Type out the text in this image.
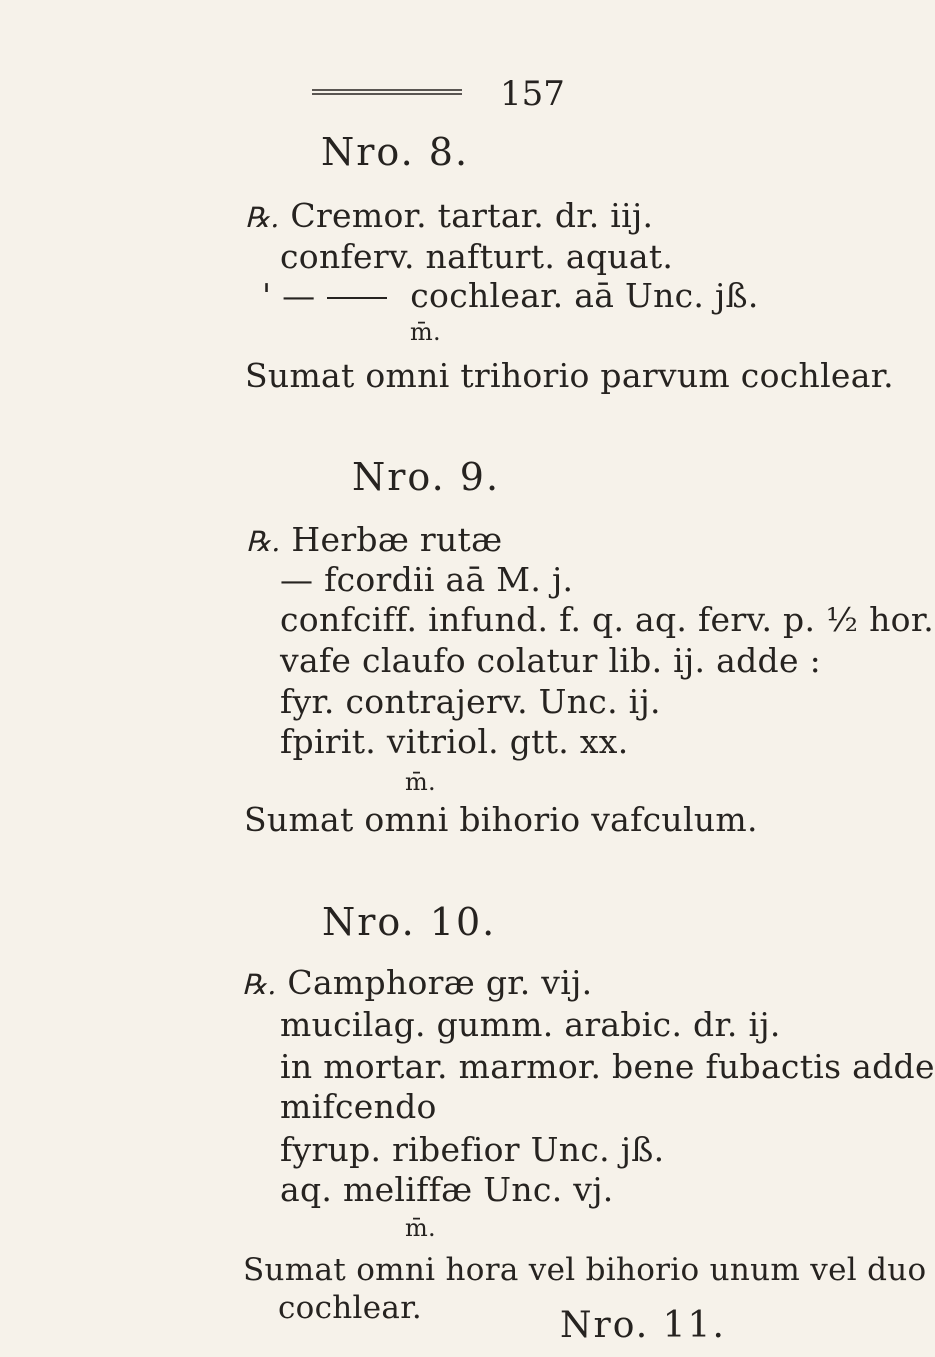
157
Nro. 8.
℞. Cremor. tartar. dr. iij.
conferv. nafturt. aquat.
' —	cochlear. aā Unc. jß.
m̄.
Sumat omni trihorio parvum cochlear.
Nro. 9.
℞. Herbæ rutæ
— fcordii aā M. j.
confciff. infund. f. q. aq. ferv. p. ½ hor.
vafe claufo colatur lib. ij. adde :
fyr. contrajerv. Unc. ij.
fpirit. vitriol. gtt. xx.
m̄.
Sumat omni bihorio vafculum.
Nro. 10.
℞. Camphoræ gr. vij.
mucilag. gumm. arabic. dr. ij.
in mortar. marmor. bene fubactis adde
mifcendo
fyrup. ribefior Unc. jß.
aq. meliffæ Unc. vj.
m̄.
Sumat omni hora vel bihorio unum vel duo
cochlear.	Nro. 11.
